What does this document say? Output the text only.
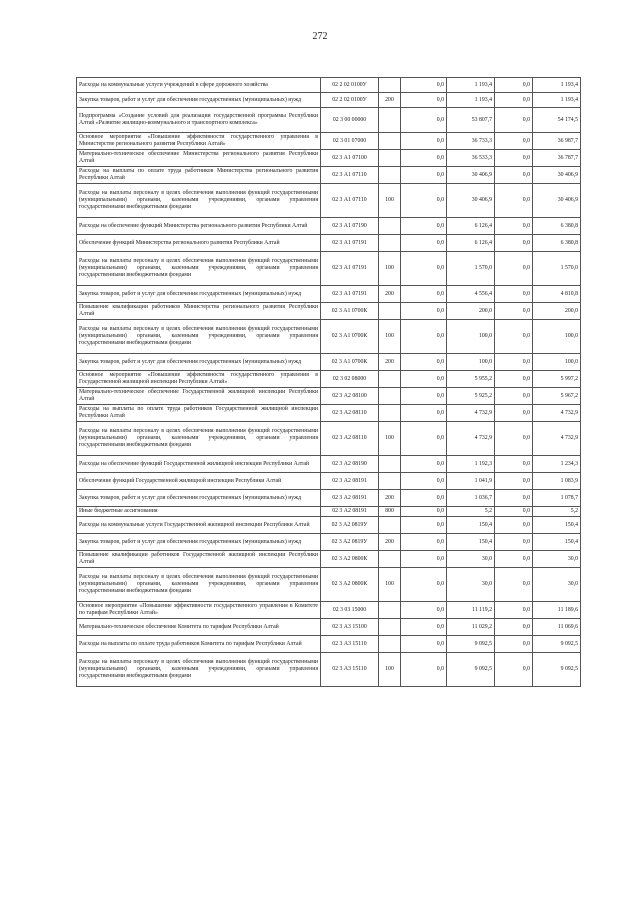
272
Расходы на коммунальные услуги учреждений в сфере дорожного хозяйства	02 2 02 0100У		0,0	1 193,4	0,0	1 193,4
Закупка товаров, работ и услуг для обеспечения государственных (муниципальных) нужд	02 2 02 0100У	200	0,0	1 193,4	0,0	1 193,4
Подпрограмма «Создание условий для реализации государственной программы Республики Алтай «Развитие жилищно-коммунального и транспортного комплекса»	02 3 00 00000		0,0	53 807,7	0,0	54 174,5
Основное мероприятие «Повышение эффективности государственного управления в Министерстве регионального развития Республики Алтай»	02 3 01 07000		0,0	36 733,3	0,0	36 987,7
Материально-техническое обеспечение Министерства регионального развития Республики Алтай	02 3 А1 07100		0,0	36 533,3	0,0	36 787,7
Расходы на выплаты по оплате труда работников Министерства регионального развития Республики Алтай	02 3 А1 07110		0,0	30 406,9	0,0	30 406,9
Расходы на выплаты персоналу в целях обеспечения выполнения функций государственными (муниципальными) органами, казенными учреждениями, органами управления государственными внебюджетными фондами	02 3 А1 07110	100	0,0	30 406,9	0,0	30 406,9
Расходы на обеспечение функций Министерства регионального развития Республики Алтай	02 3 А1 07190		0,0	6 126,4	0,0	6 380,8
Обеспечение функций Министерства регионального развития Республики Алтай	02 3 А1 07191		0,0	6 126,4	0,0	6 380,8
Расходы на выплаты персоналу в целях обеспечения выполнения функций государственными (муниципальными) органами, казенными учреждениями, органами управления государственными внебюджетными фондами	02 3 А1 07191	100	0,0	1 570,0	0,0	1 570,0
Закупка товаров, работ и услуг для обеспечения государственных (муниципальных) нужд	02 3 А1 07191	200	0,0	4 556,4	0,0	4 810,8
Повышение квалификации работников Министерства регионального развития Республики Алтай	02 3 А1 0700К		0,0	200,0	0,0	200,0
Расходы на выплаты персоналу в целях обеспечения выполнения функций государственными (муниципальными) органами, казенными учреждениями, органами управления государственными внебюджетными фондами	02 3 А1 0700К	100	0,0	100,0	0,0	100,0
Закупка товаров, работ и услуг для обеспечения государственных (муниципальных) нужд	02 3 А1 0700К	200	0,0	100,0	0,0	100,0
Основное мероприятие «Повышение эффективности государственного управления в Государственной жилищной инспекции Республики Алтай»	02 3 02 08000		0,0	5 955,2	0,0	5 997,2
Материально-техническое обеспечение Государственной жилищной инспекции Республики Алтай	02 3 А2 08100		0,0	5 925,2	0,0	5 967,2
Расходы на выплаты по оплате труда работников Государственной жилищной инспекции Республики Алтай	02 3 А2 08110		0,0	4 732,9	0,0	4 732,9
Расходы на выплаты персоналу в целях обеспечения выполнения функций государственными (муниципальными) органами, казенными учреждениями, органами управления государственными внебюджетными фондами	02 3 А2 08110	100	0,0	4 732,9	0,0	4 732,9
Расходы на обеспечение функций Государственной жилищной инспекции Республики Алтай	02 3 А2 08190		0,0	1 192,3	0,0	1 234,3
Обеспечение функций Государственной жилищной инспекции Республики Алтай	02 3 А2 08191		0,0	1 041,9	0,0	1 083,9
Закупка товаров, работ и услуг для обеспечения государственных (муниципальных) нужд	02 3 А2 08191	200	0,0	1 036,7	0,0	1 078,7
Иные бюджетные ассигнования	02 3 А2 08191	800	0,0	5,2	0,0	5,2
Расходы на коммунальные услуги Государственной жилищной инспекции Республики Алтай	02 3 А2 0819У		0,0	150,4	0,0	150,4
Закупка товаров, работ и услуг для обеспечения государственных (муниципальных) нужд	02 3 А2 0819У	200	0,0	150,4	0,0	150,4
Повышение квалификации работников Государственной жилищной инспекции Республики Алтай	02 3 А2 0800К		0,0	30,0	0,0	30,0
Расходы на выплаты персоналу в целях обеспечения выполнения функций государственными (муниципальными) органами, казенными учреждениями, органами управления государственными внебюджетными фондами	02 3 А2 0800К	100	0,0	30,0	0,0	30,0
Основное мероприятие «Повышение эффективности государственного управления в Комитете по тарифам Республики Алтай»	02 3 03 15000		0,0	11 119,2	0,0	11 189,6
Материально-техническое обеспечение Комитета по тарифам Республики Алтай	02 3 А3 15100		0,0	11 029,2	0,0	11 069,6
Расходы на выплаты по оплате труда работников Комитета по тарифам Республики Алтай	02 3 А3 15110		0,0	9 092,5	0,0	9 092,5
Расходы на выплаты персоналу в целях обеспечения выполнения функций государственными (муниципальными) органами, казенными учреждениями, органами управления государственными внебюджетными фондами	02 3 А3 15110	100	0,0	9 092,5	0,0	9 092,5
